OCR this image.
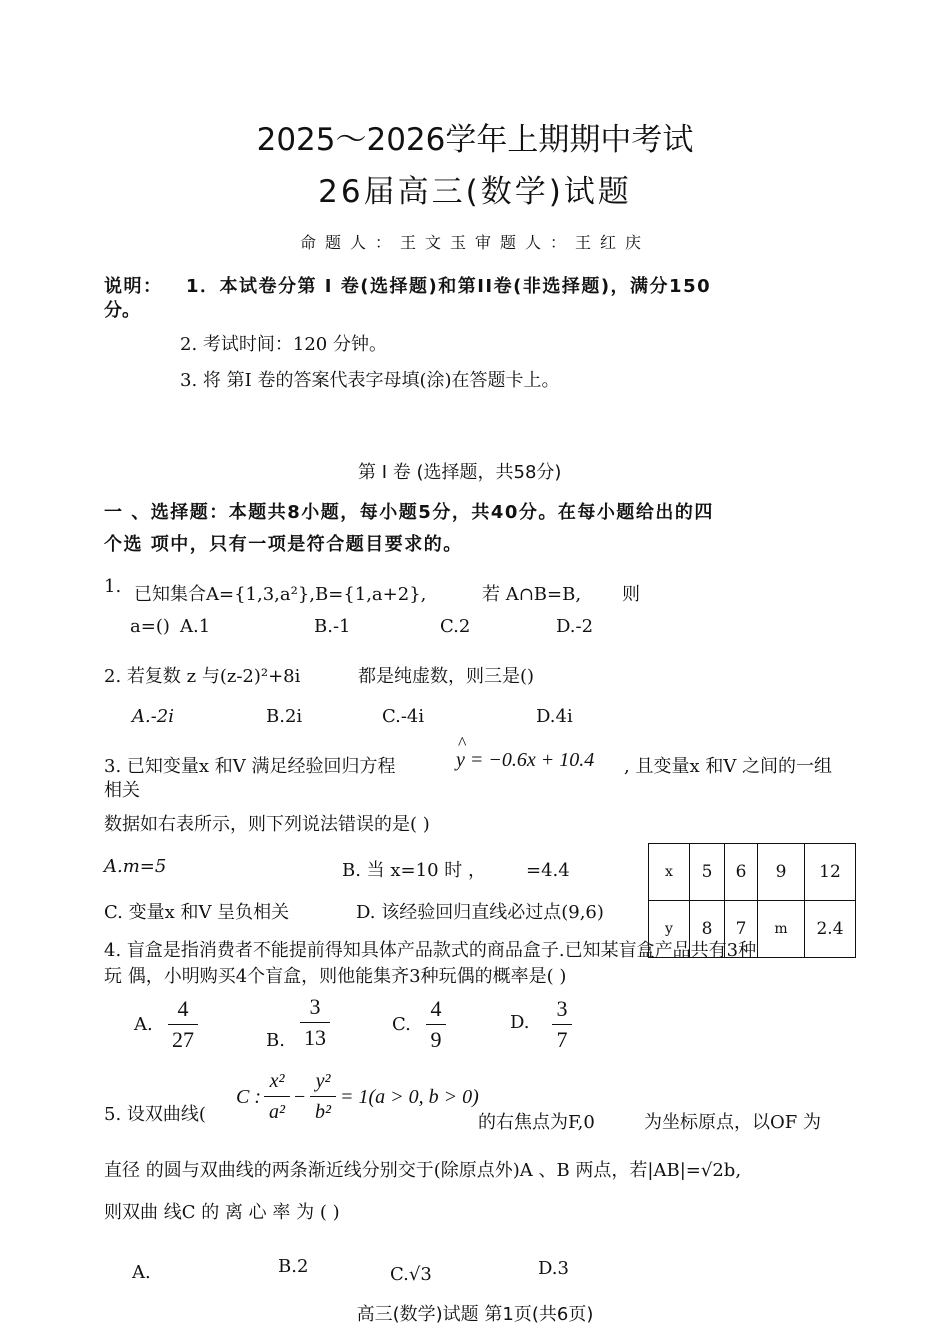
2025～2026学年上期期中考试
26届高三(数学)试题
命题人：王文玉审题人：王红庆
说明： 1．本试卷分第 I 卷(选择题)和第II卷(非选择题)，满分150
分。
2. 考试时间：120 分钟。
3. 将 第I 卷的答案代表字母填(涂)在答题卡上。
第 I 卷 (选择题，共58分)
一 、选择题：本题共8小题，每小题5分，共40分。在每小题给出的四
个选 项中，只有一项是符合题目要求的。
1. 已知集合A={1,3,a²},B={1,a+2},	若 A∩B=B, 则
a=() A.1	B.-1	C.2	D.-2
2. 若复数 z 与(z-2)²+8i	都是纯虚数，则三是()
A.-2i	B.2i	C.-4i	D.4i
3. 已知变量x 和V 满足经验回归方程
^
y = −0.6x + 10.4 , 且变量x 和V 之间的一组
相关
数据如右表所示，则下列说法错误的是( )
A.m=5	B. 当 x=10 时 ， =4.4
C. 变量x 和V 呈负相关	D. 该经验回归直线必过点(9,6)
x	5	6	9	12
y	8	7	m	2.4
4. 盲盒是指消费者不能提前得知具体产品款式的商品盒子.已知某盲盒产品共有3种
玩 偶，小明购买4个盲盒，则他能集齐3种玩偶的概率是( )
A. $\frac{4}{27}$	B. $\frac{3}{13}$	C. $\frac{4}{9}$	D. $\frac{3}{7}$
5. 设双曲线(
C : $\frac{\text{x²}}{\text{a²}} - \frac{\text{y²}}{\text{b²}} = 1(a > 0$, b > 0)
的右焦点为F,0	为坐标原点，以OF 为
直径 的圆与双曲线的两条渐近线分别交于(除原点外)A 、B 两点，若|AB|=√2b,
则双曲 线C 的 离 心 率 为 ( )
A.	B.2	C.√3	D.3
高三(数学)试题 第1页(共6页)
